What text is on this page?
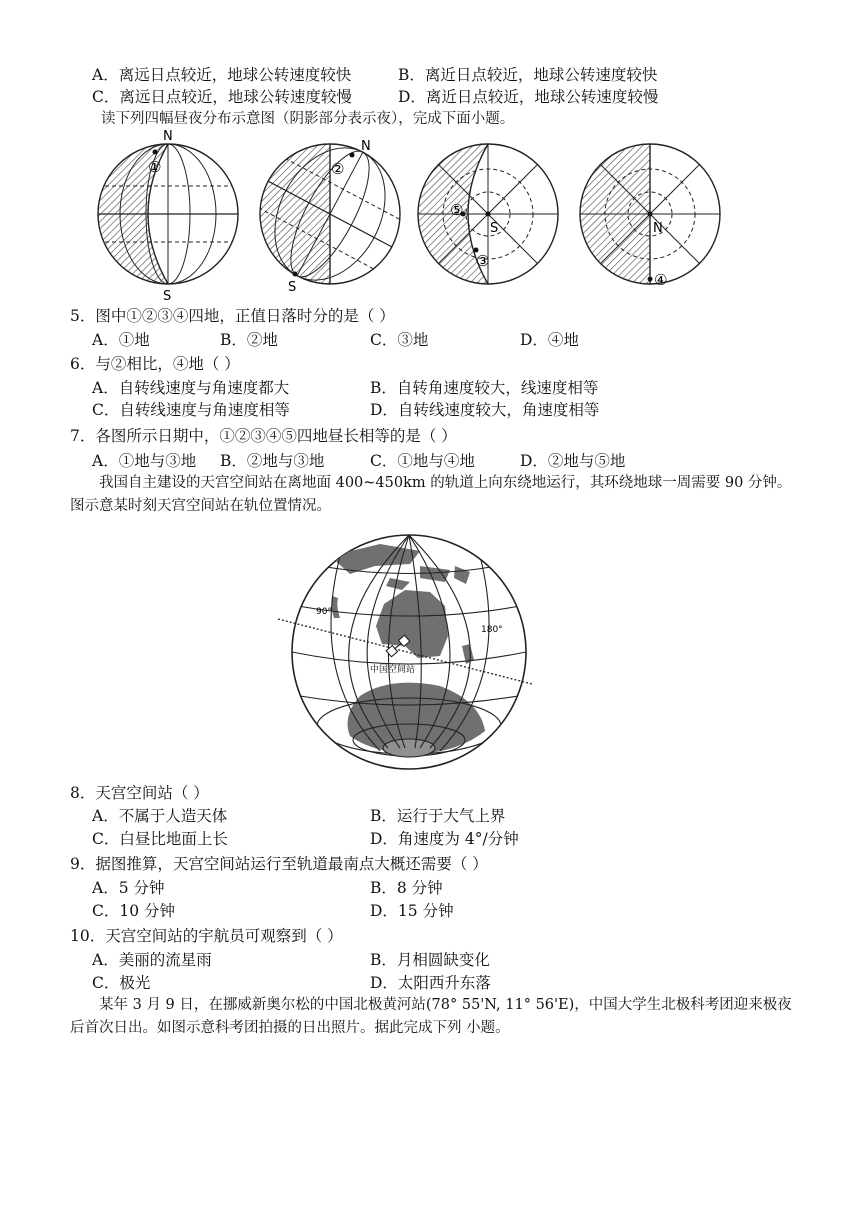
A．离远日点较近，地球公转速度较快	B．离近日点较近，地球公转速度较快
C．离远日点较近，地球公转速度较慢	D．离近日点较近，地球公转速度较慢
读下列四幅昼夜分布示意图（阴影部分表示夜），完成下面小题。
N
S
①
N
S
②
S
⑤
③
N
④
5．图中①②③④四地，正值日落时分的是（ ）
A．①地	B．②地	C．③地	D．④地
6．与②相比，④地（ ）
A．自转线速度与角速度都大	B．自转角速度较大，线速度相等
C．自转线速度与角速度相等	D．自转线速度较大，角速度相等
7．各图所示日期中，①②③④⑤四地昼长相等的是（ ）
A．①地与③地 B．②地与③地	C．①地与④地	D．②地与⑤地
我国自主建设的天宫空间站在离地面 400~450km 的轨道上向东绕地运行，其环绕地球一周需要 90 分钟。图示意某时刻天宫空间站在轨位置情况。
中国空间站
90°
180°
8．天宫空间站（ ）
A．不属于人造天体	B．运行于大气上界
C．白昼比地面上长	D．角速度为 4°/分钟
9．据图推算，天宫空间站运行至轨道最南点大概还需要（ ）
A．5 分钟	B．8 分钟
C．10 分钟	D．15 分钟
10．天宫空间站的宇航员可观察到（ ）
A．美丽的流星雨	B．月相圆缺变化
C．极光	D．太阳西升东落
某年 3 月 9 日，在挪威新奥尔松的中国北极黄河站(78° 55'N, 11° 56'E)，中国大学生北极科考团迎来极夜后首次日出。如图示意科考团拍摄的日出照片。据此完成下列 小题。
